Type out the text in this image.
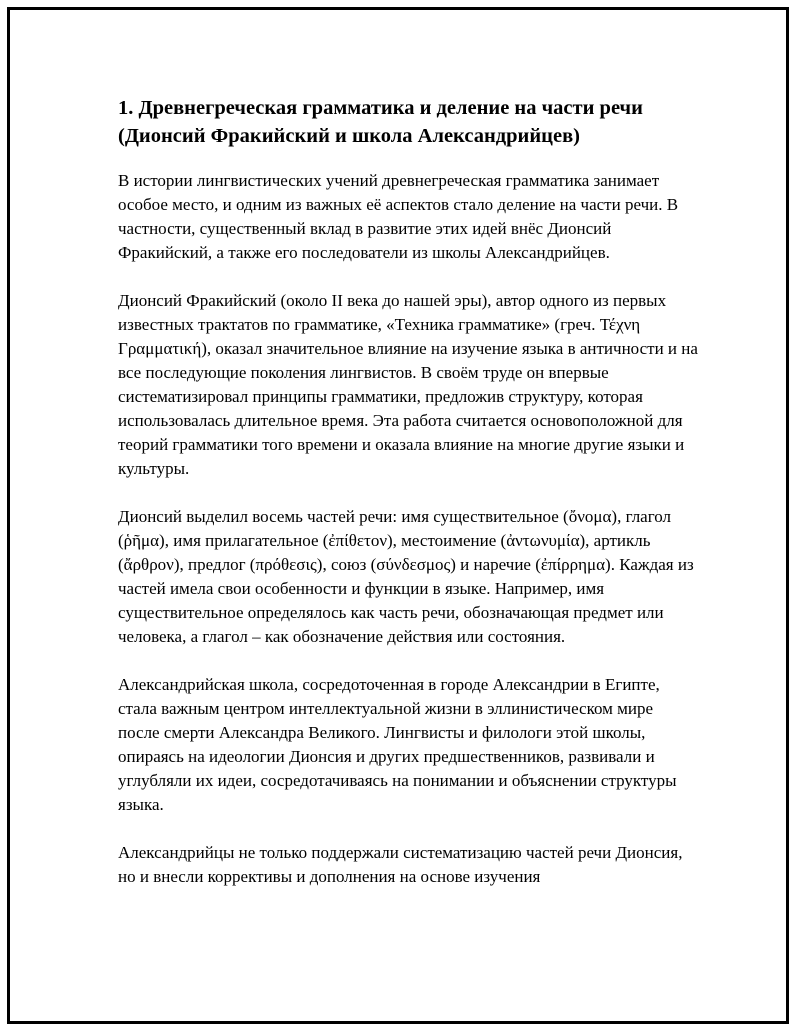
1. Древнегреческая грамматика и деление на части речи (Дионсий Фракийский и школа Александрийцев)

В истории лингвистических учений древнегреческая грамматика занимает особое место, и одним из важных её аспектов стало деление на части речи. В частности, существенный вклад в развитие этих идей внёс Дионсий Фракийский, а также его последователи из школы Александрийцев.

Дионсий Фракийский (около II века до нашей эры), автор одного из первых известных трактатов по грамматике, «Техника грамматике» (греч. Τέχνη Γραμματική), оказал значительное влияние на изучение языка в античности и на все последующие поколения лингвистов. В своём труде он впервые систематизировал принципы грамматики, предложив структуру, которая использовалась длительное время. Эта работа считается основоположной для теорий грамматики того времени и оказала влияние на многие другие языки и культуры.

Дионсий выделил восемь частей речи: имя существительное (ὄνομα), глагол (ῥῆμα), имя прилагательное (ἐπίθετον), местоимение (ἀντωνυμία), артикль (ἄρθρον), предлог (πρόθεσις), союз (σύνδεσμος) и наречие (ἐπίρρημα). Каждая из частей имела свои особенности и функции в языке. Например, имя существительное определялось как часть речи, обозначающая предмет или человека, а глагол – как обозначение действия или состояния.

Александрийская школа, сосредоточенная в городе Александрии в Египте, стала важным центром интеллектуальной жизни в эллинистическом мире после смерти Александра Великого. Лингвисты и филологи этой школы, опираясь на идеологии Дионсия и других предшественников, развивали и углубляли их идеи, сосредотачиваясь на понимании и объяснении структуры языка.

Александрийцы не только поддержали систематизацию частей речи Дионсия, но и внесли коррективы и дополнения на основе изучения
